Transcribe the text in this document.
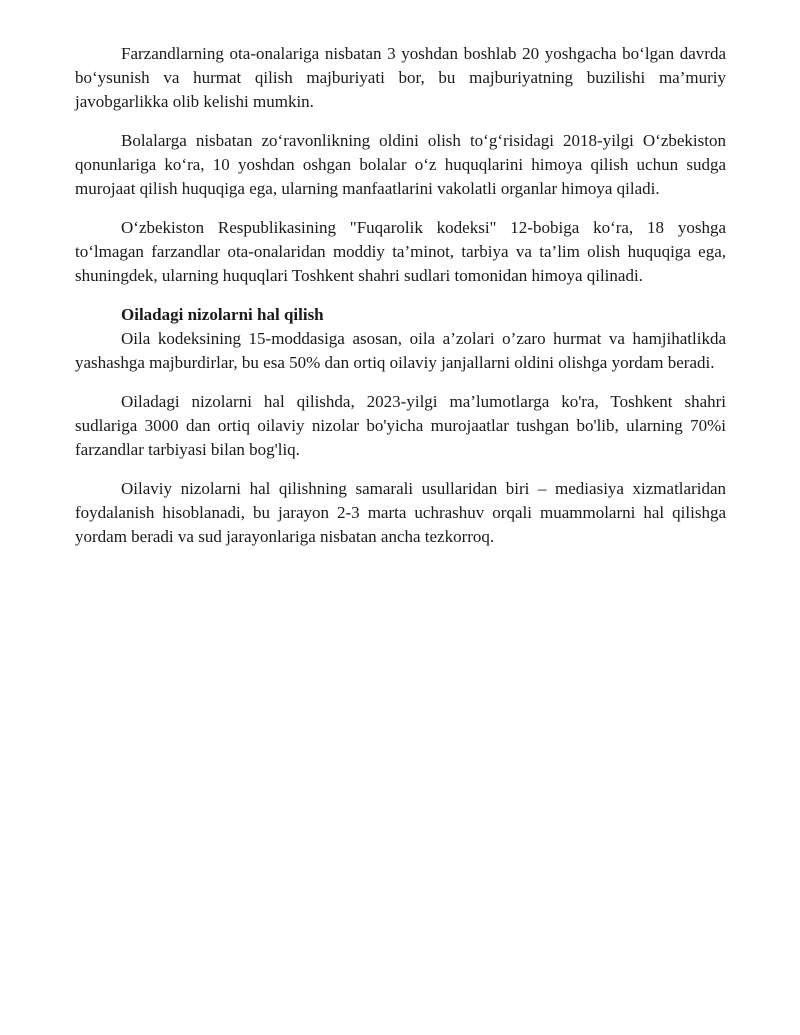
Farzandlarning ota-onalariga nisbatan 3 yoshdan boshlab 20 yoshgacha bo‘lgan davrda bo‘ysunish va hurmat qilish majburiyati bor, bu majburiyatning buzilishi ma’muriy javobgarlikka olib kelishi mumkin.

Bolalarga nisbatan zo‘ravonlikning oldini olish to‘g‘risidagi 2018-yilgi O‘zbekiston qonunlariga ko‘ra, 10 yoshdan oshgan bolalar o‘z huquqlarini himoya qilish uchun sudga murojaat qilish huquqiga ega, ularning manfaatlarini vakolatli organlar himoya qiladi.

O‘zbekiston Respublikasining "Fuqarolik kodeksi" 12-bobiga ko‘ra, 18 yoshga to‘lmagan farzandlar ota-onalaridan moddiy ta’minot, tarbiya va ta’lim olish huquqiga ega, shuningdek, ularning huquqlari Toshkent shahri sudlari tomonidan himoya qilinadi.

Oiladagi nizolarni hal qilish

Oila kodeksining 15-moddasiga asosan, oila a’zolari o’zaro hurmat va hamjihatlikda yashashga majburdirlar, bu esa 50% dan ortiq oilaviy janjallarni oldini olishga yordam beradi.

Oiladagi nizolarni hal qilishda, 2023-yilgi ma’lumotlarga ko'ra, Toshkent shahri sudlariga 3000 dan ortiq oilaviy nizolar bo'yicha murojaatlar tushgan bo'lib, ularning 70%i farzandlar tarbiyasi bilan bog'liq.

Oilaviy nizolarni hal qilishning samarali usullaridan biri – mediasiya xizmatlaridan foydalanish hisoblanadi, bu jarayon 2-3 marta uchrashuv orqali muammolarni hal qilishga yordam beradi va sud jarayonlariga nisbatan ancha tezkorroq.
